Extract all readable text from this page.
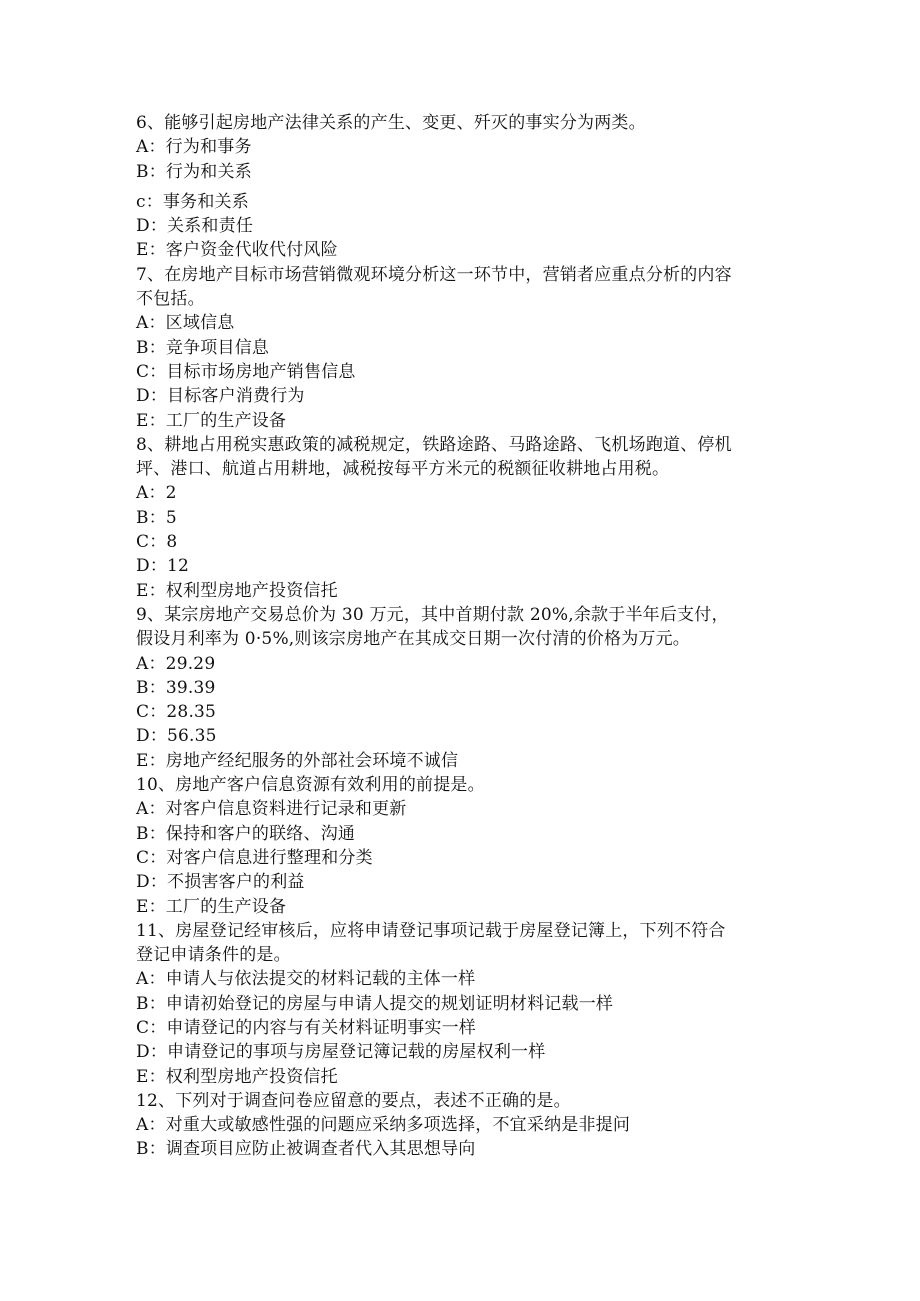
6、能够引起房地产法律关系的产生、变更、歼灭的事实分为两类。
A：行为和事务
B：行为和关系
c：事务和关系
D：关系和责任
E：客户资金代收代付风险
7、在房地产目标市场营销微观环境分析这一环节中，营销者应重点分析的内容
不包括。
A：区域信息
B：竞争项目信息
C：目标市场房地产销售信息
D：目标客户消费行为
E：工厂的生产设备
8、耕地占用税实惠政策的减税规定，铁路途路、马路途路、飞机场跑道、停机
坪、港口、航道占用耕地，减税按每平方米元的税额征收耕地占用税。
A：2
B：5
C：8
D：12
E：权利型房地产投资信托
9、某宗房地产交易总价为 30 万元，其中首期付款 20%,余款于半年后支付，
假设月利率为 0·5%,则该宗房地产在其成交日期一次付清的价格为万元。
A：29.29
B：39.39
C：28.35
D：56.35
E：房地产经纪服务的外部社会环境不诚信
10、房地产客户信息资源有效利用的前提是。
A：对客户信息资料进行记录和更新
B：保持和客户的联络、沟通
C：对客户信息进行整理和分类
D：不损害客户的利益
E：工厂的生产设备
11、房屋登记经审核后，应将申请登记事项记载于房屋登记簿上，下列不符合
登记申请条件的是。
A：申请人与依法提交的材料记载的主体一样
B：申请初始登记的房屋与申请人提交的规划证明材料记载一样
C：申请登记的内容与有关材料证明事实一样
D：申请登记的事项与房屋登记簿记载的房屋权利一样
E：权利型房地产投资信托
12、下列对于调查问卷应留意的要点，表述不正确的是。
A：对重大或敏感性强的问题应采纳多项选择，不宜采纳是非提问
B：调查项目应防止被调查者代入其思想导向
